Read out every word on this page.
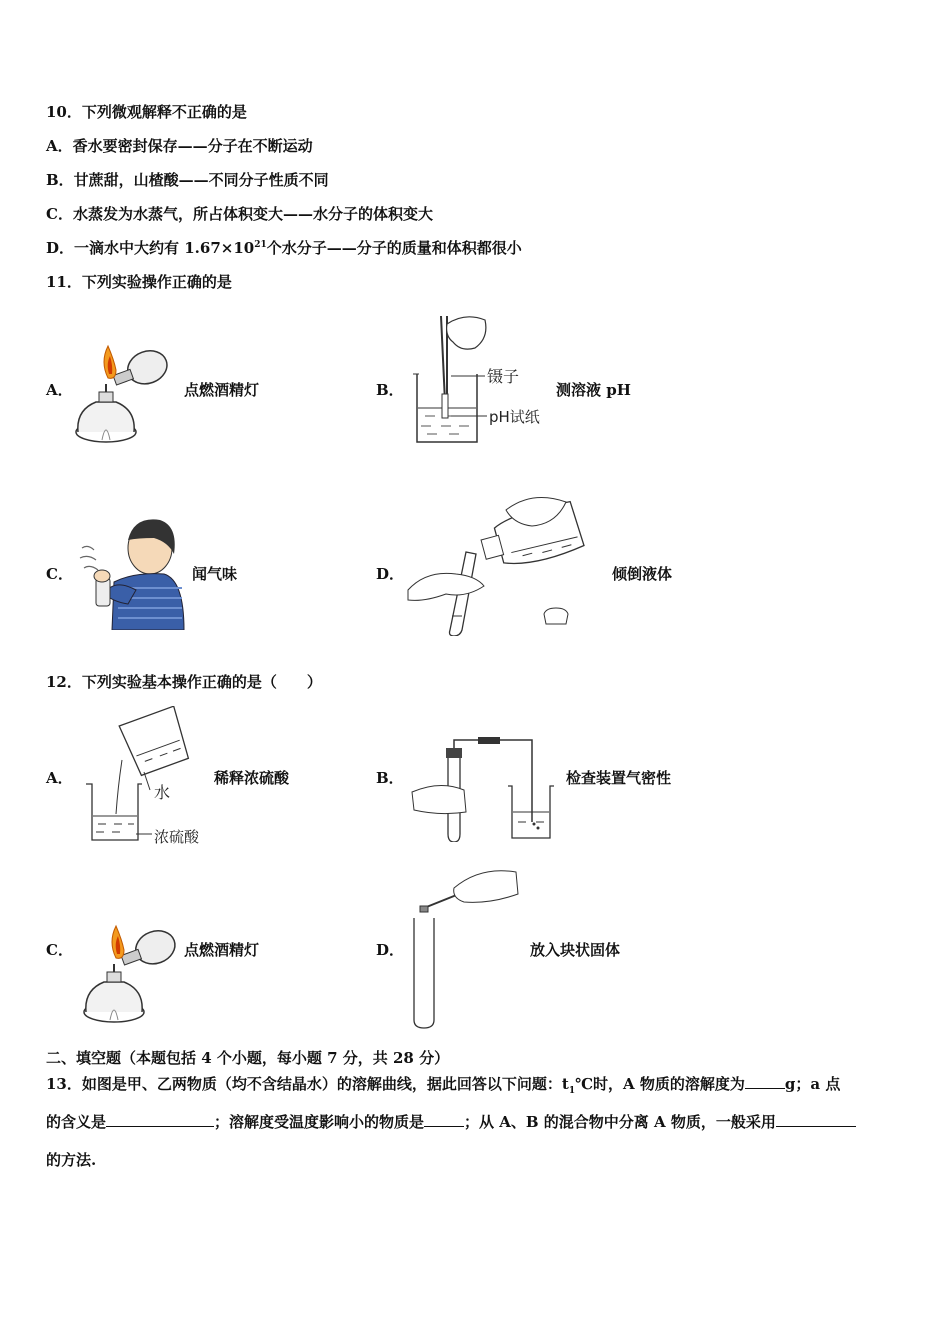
10．下列微观解释不正确的是
A．香水要密封保存——分子在不断运动
B．甘蔗甜，山楂酸——不同分子性质不同
C．水蒸发为水蒸气，所占体积变大——水分子的体积变大
D．一滴水中大约有 $1.67\times 10^{21}$个水分子——分子的质量和体积都很小
11．下列实验操作正确的是
A．	点燃酒精灯	B．
镊子
pH试纸
测溶液 pH
C．	闻气味	D．	倾倒液体
12．下列实验基本操作正确的是（　　）
A．
水
浓硫酸
稀释浓硫酸	B．	检查装置气密性
C．	点燃酒精灯	D．	放入块状固体
二、填空题（本题包括 4 个小题，每小题 7 分，共 28 分）
13．如图是甲、乙两物质（均不含结晶水）的溶解曲线，据此回答以下问题：$t_1℃$时，A 物质的溶解度为	g；a 点
的含义是	；溶解度受温度影响小的物质是	；从 A、B 的混合物中分离 A 物质，一般采用
的方法.
